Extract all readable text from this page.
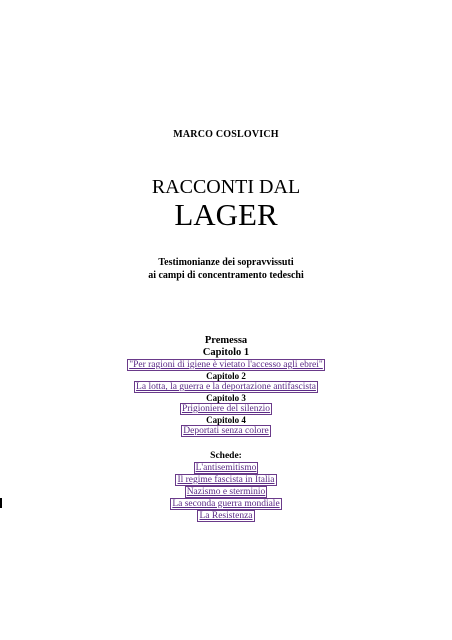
MARCO COSLOVICH
RACCONTI DAL
LAGER
Testimonianze dei sopravvissuti
ai campi di concentramento tedeschi
Premessa
Capitolo 1
"Per ragioni di igiene è vietato l'accesso agli ebrei"
Capitolo 2
La lotta, la guerra e la deportazione antifascista
Capitolo 3
Prigioniere del silenzio
Capitolo 4
Deportati senza colore
Schede:
L'antisemitismo
Il regime fascista in Italia
Nazismo e sterminio
La seconda guerra mondiale
La Resistenza
